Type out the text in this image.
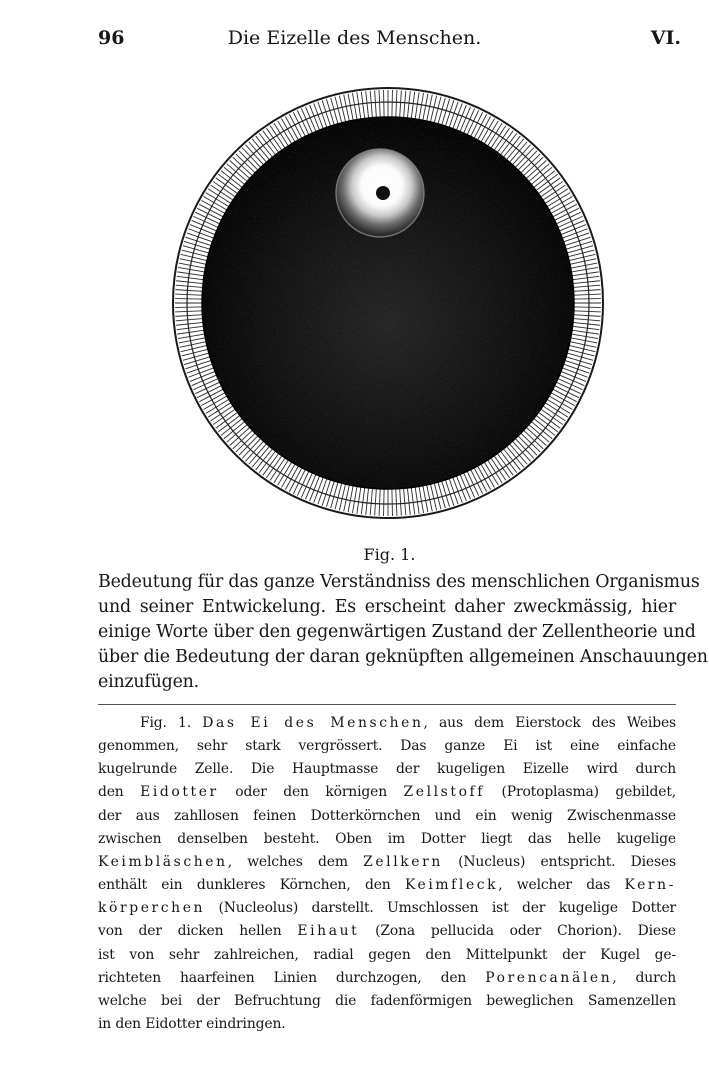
Die Eizelle des Menschen.
96	VI.
Fig. 1.

Bedeutung für das ganze Verständniss des menschlichen Organismus

und seiner Entwickelung. Es erscheint daher zweckmässig, hier

einige Worte über den gegenwärtigen Zustand der Zellentheorie und

über die Bedeutung der daran geknüpften allgemeinen Anschauungen

einzufügen.

Fig. 1. Das Ei des Menschen, aus dem Eierstock des Weibes

genommen, sehr stark vergrössert. Das ganze Ei ist eine einfache

kugelrunde Zelle. Die Hauptmasse der kugeligen Eizelle wird durch

den Eidotter oder den körnigen Zellstoff (Protoplasma) gebildet,

der aus zahllosen feinen Dotterkörnchen und ein wenig Zwischenmasse

zwischen denselben besteht. Oben im Dotter liegt das helle kugelige

Keimbläschen, welches dem Zellkern (Nucleus) entspricht. Dieses

enthält ein dunkleres Körnchen, den Keimfleck, welcher das Kern-

körperchen (Nucleolus) darstellt. Umschlossen ist der kugelige Dotter

von der dicken hellen Eihaut (Zona pellucida oder Chorion). Diese

ist von sehr zahlreichen, radial gegen den Mittelpunkt der Kugel ge-

richteten haarfeinen Linien durchzogen, den Porencanälen, durch

welche bei der Befruchtung die fadenförmigen beweglichen Samenzellen

in den Eidotter eindringen.
